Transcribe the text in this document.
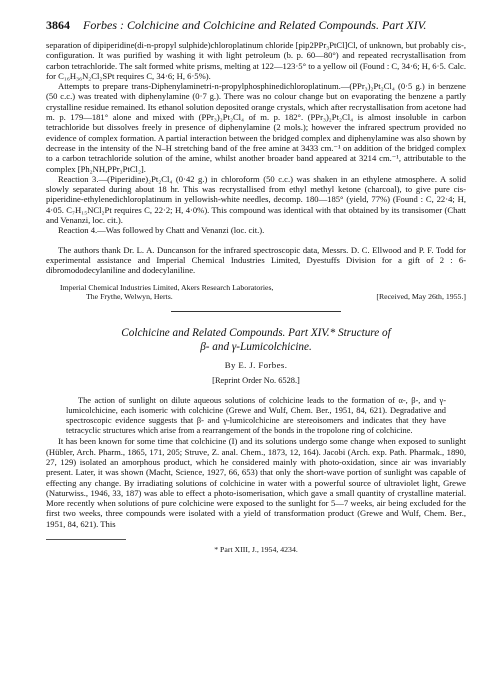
3864 Forbes : Colchicine and Colchicine and Related Compounds. Part XIV.

separation of dipiperidine(di-n-propyl sulphide)chloroplatinum chloride [pip2PPr₃PtCl]Cl, of unknown, but probably cis-, configuration. It was purified by washing it with light petroleum (b. p. 60—80°) and repeated recrystallisation from carbon tetrachloride. The salt formed white prisms, melting at 122—123·5° to a yellow oil (Found : C, 34·6; H, 6·5. Calc. for C₁₆H₃₆N₂Cl₂SPt requires C, 34·6; H, 6·5%).

Attempts to prepare trans-Diphenylaminetri-n-propylphosphinedichloroplatinum.—(PPr₃)₂Pt₂Cl₄ (0·5 g.) in benzene (50 c.c.) was treated with diphenylamine (0·7 g.). There was no colour change but on evaporating the benzene a partly crystalline residue remained. Its ethanol solution deposited orange crystals, which after recrystallisation from acetone had m. p. 179—181° alone and mixed with (PPr₃)₂Pt₂Cl₄ of m. p. 182°. (PPr₃)₂Pt₂Cl₄ is almost insoluble in carbon tetrachloride but dissolves freely in presence of diphenylamine (2 mols.); however the infrared spectrum provided no evidence of complex formation. A partial interaction between the bridged complex and diphenylamine was also shown by decrease in the intensity of the N–H stretching band of the free amine at 3433 cm.⁻¹ on addition of the bridged complex to a carbon tetrachloride solution of the amine, whilst another broader band appeared at 3214 cm.⁻¹, attributable to the complex [Ph₂NH,PPr₃PtCl₂].

Reaction 3.—(Piperidine)₂Pt₂Cl₄ (0·42 g.) in chloroform (50 c.c.) was shaken in an ethylene atmosphere. A solid slowly separated during about 18 hr. This was recrystallised from ethyl methyl ketone (charcoal), to give pure cis-piperidine-ethylenedichloroplatinum in yellowish-white needles, decomp. 180—185° (yield, 77%) (Found : C, 22·4; H, 4·05. C₇H₁₅NCl₂Pt requires C, 22·2; H, 4·0%). This compound was identical with that obtained by its transisomer (Chatt and Venanzi, loc. cit.).

Reaction 4.—Was followed by Chatt and Venanzi (loc. cit.).

The authors thank Dr. L. A. Duncanson for the infrared spectroscopic data, Messrs. D. C. Ellwood and P. F. Todd for experimental assistance and Imperial Chemical Industries Limited, Dyestuffs Division for a gift of 2 : 6-dibromododecylaniline and dodecylaniline.

Imperial Chemical Industries Limited, Akers Research Laboratories,
The Frythe, Welwyn, Herts.	[Received, May 26th, 1955.]
Colchicine and Related Compounds. Part XIV.* Structure of
β- and γ-Lumicolchicine.
By E. J. Forbes.
[Reprint Order No. 6528.]

The action of sunlight on dilute aqueous solutions of colchicine leads to the formation of α-, β-, and γ-lumicolchicine, each isomeric with colchicine (Grewe and Wulf, Chem. Ber., 1951, 84, 621). Degradative and spectroscopic evidence suggests that β- and γ-lumicolchicine are stereoisomers and indicates that they have tetracyclic structures which arise from a rearrangement of the bonds in the tropolone ring of colchicine.

It has been known for some time that colchicine (I) and its solutions undergo some change when exposed to sunlight (Hübler, Arch. Pharm., 1865, 171, 205; Struve, Z. anal. Chem., 1873, 12, 164). Jacobi (Arch. exp. Path. Pharmak., 1890, 27, 129) isolated an amorphous product, which he considered mainly with photo-oxidation, since air was invariably present. Later, it was shown (Macht, Science, 1927, 66, 653) that only the short-wave portion of sunlight was capable of effecting any change. By irradiating solutions of colchicine in water with a powerful source of ultraviolet light, Grewe (Naturwiss., 1946, 33, 187) was able to effect a photo-isomerisation, which gave a small quantity of crystalline material. More recently when solutions of pure colchicine were exposed to the sunlight for 5—7 weeks, air being excluded for the first two weeks, three compounds were isolated with a yield of transformation product (Grewe and Wulf, Chem. Ber., 1951, 84, 621). This

* Part XIII, J., 1954, 4234.
